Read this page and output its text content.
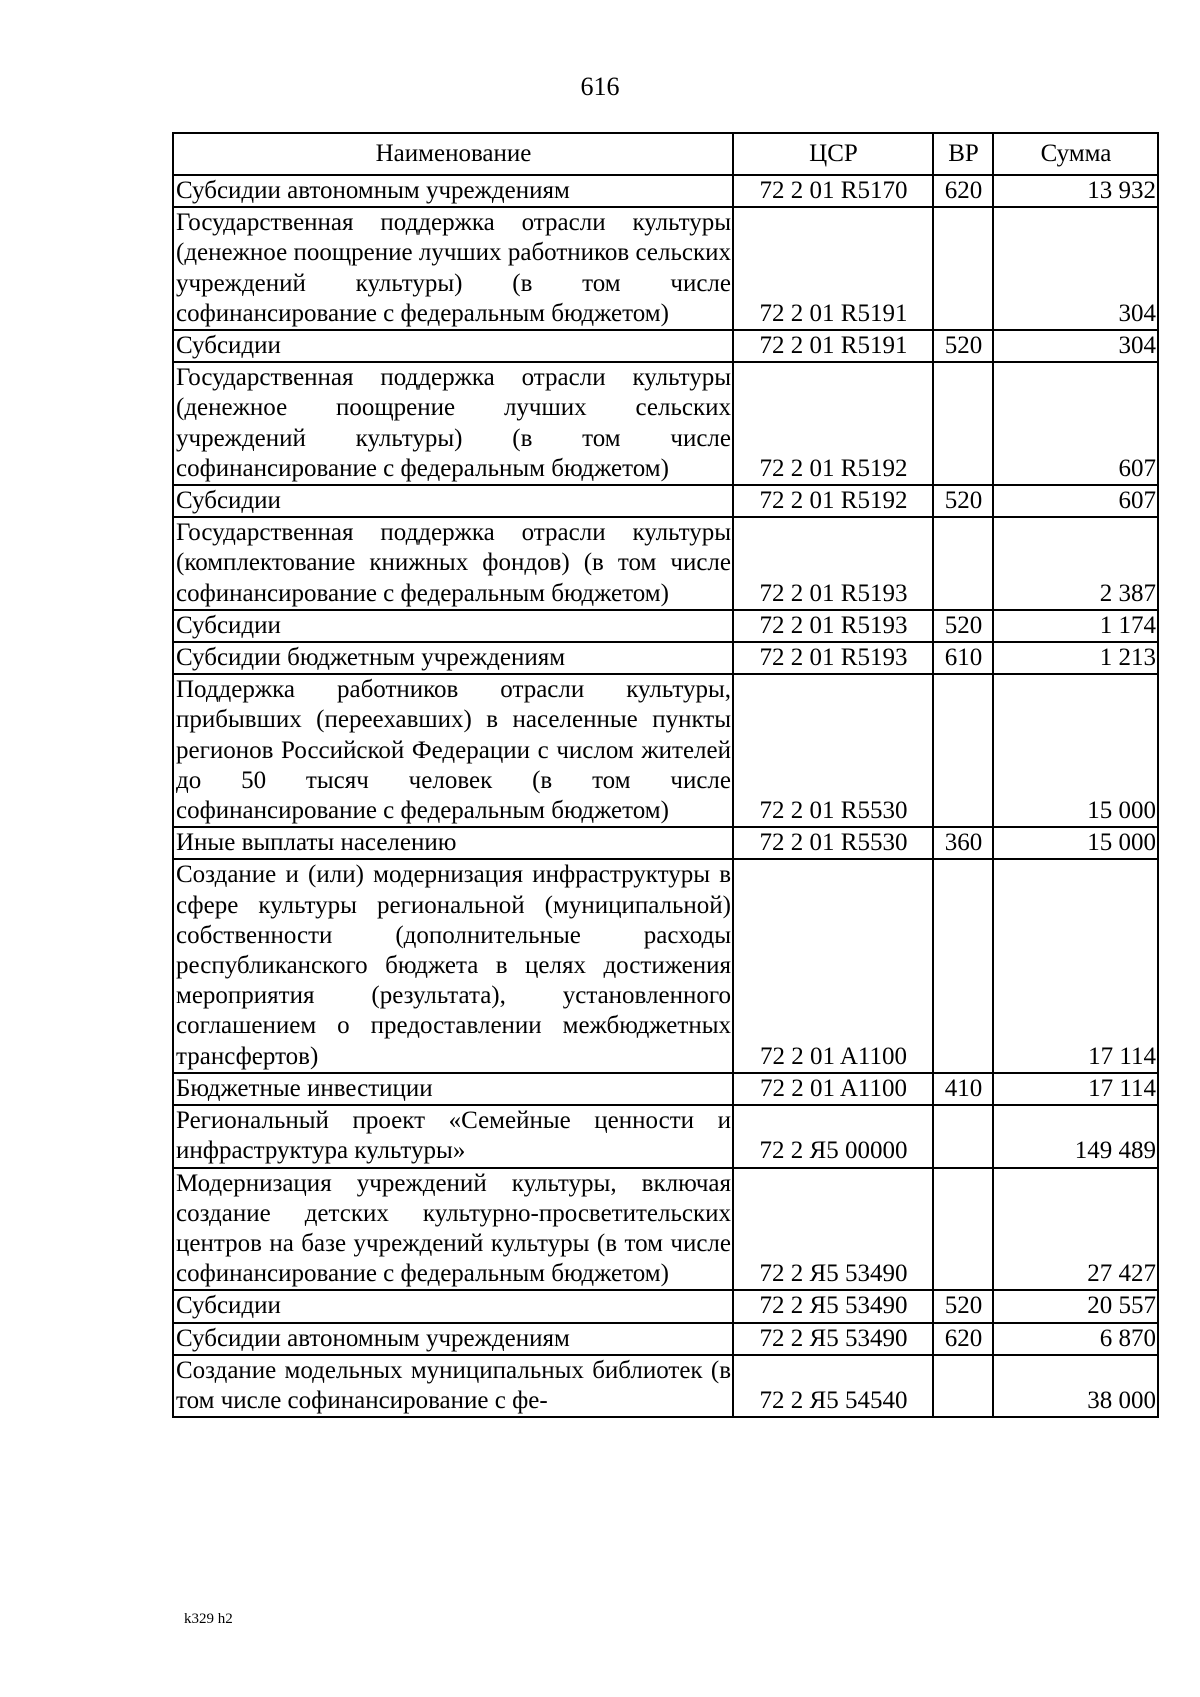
616
Наименование	ЦСР	ВР	Сумма
Субсидии автономным учреждениям	72 2 01 R5170	620	13 932
Государственная поддержка отрасли культуры (денежное поощрение лучших работников сельских учреждений культуры) (в том числе софинансирование с федеральным бюджетом)	72 2 01 R5191		304
Субсидии	72 2 01 R5191	520	304
Государственная поддержка отрасли культуры (денежное поощрение лучших сельских учреждений культуры) (в том числе софинансирование с федеральным бюджетом)	72 2 01 R5192		607
Субсидии	72 2 01 R5192	520	607
Государственная поддержка отрасли культуры (комплектование книжных фондов) (в том числе софинансирование с федеральным бюджетом)	72 2 01 R5193		2 387
Субсидии	72 2 01 R5193	520	1 174
Субсидии бюджетным учреждениям	72 2 01 R5193	610	1 213
Поддержка работников отрасли культуры, прибывших (переехавших) в населенные пункты регионов Российской Федерации с числом жителей до 50 тысяч человек (в том числе софинансирование с федеральным бюджетом)	72 2 01 R5530		15 000
Иные выплаты населению	72 2 01 R5530	360	15 000
Создание и (или) модернизация инфраструктуры в сфере культуры региональной (муниципальной) собственности (дополнительные расходы республиканского бюджета в целях достижения мероприятия (результата), установленного соглашением о предоставлении межбюджетных трансфертов)	72 2 01 A1100		17 114
Бюджетные инвестиции	72 2 01 A1100	410	17 114
Региональный проект «Семейные ценности и инфраструктура культуры»	72 2 Я5 00000		149 489
Модернизация учреждений культуры, включая создание детских культурно-просветительских центров на базе учреждений культуры (в том числе софинансирование с федеральным бюджетом)	72 2 Я5 53490		27 427
Субсидии	72 2 Я5 53490	520	20 557
Субсидии автономным учреждениям	72 2 Я5 53490	620	6 870
Создание модельных муниципальных библиотек (в том числе софинансирование с фе-	72 2 Я5 54540		38 000
k329 h2
